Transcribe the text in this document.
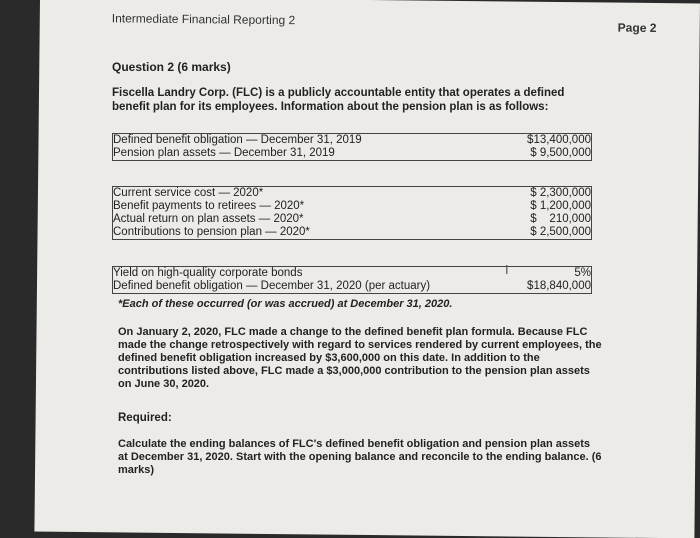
Intermediate Financial Reporting 2
Page 2
Question 2 (6 marks)
Fiscella Landry Corp. (FLC) is a publicly accountable entity that operates a defined benefit plan for its employees. Information about the pension plan is as follows:
Defined benefit obligation — December 31, 2019	$13,400,000
Pension plan assets — December 31, 2019	$ 9,500,000
Current service cost — 2020*	$ 2,300,000
Benefit payments to retirees — 2020*	$ 1,200,000
Actual return on plan assets — 2020*	$    210,000
Contributions to pension plan — 2020*	$ 2,500,000
Yield on high-quality corporate bonds	5%
Defined benefit obligation — December 31, 2020 (per actuary)	$18,840,000
I
*Each of these occurred (or was accrued) at December 31, 2020.
On January 2, 2020, FLC made a change to the defined benefit plan formula. Because FLC made the change retrospectively with regard to services rendered by current employees, the defined benefit obligation increased by $3,600,000 on this date. In addition to the contributions listed above, FLC made a $3,000,000 contribution to the pension plan assets on June 30, 2020.
Required:
Calculate the ending balances of FLC's defined benefit obligation and pension plan assets at December 31, 2020. Start with the opening balance and reconcile to the ending balance. (6 marks)
